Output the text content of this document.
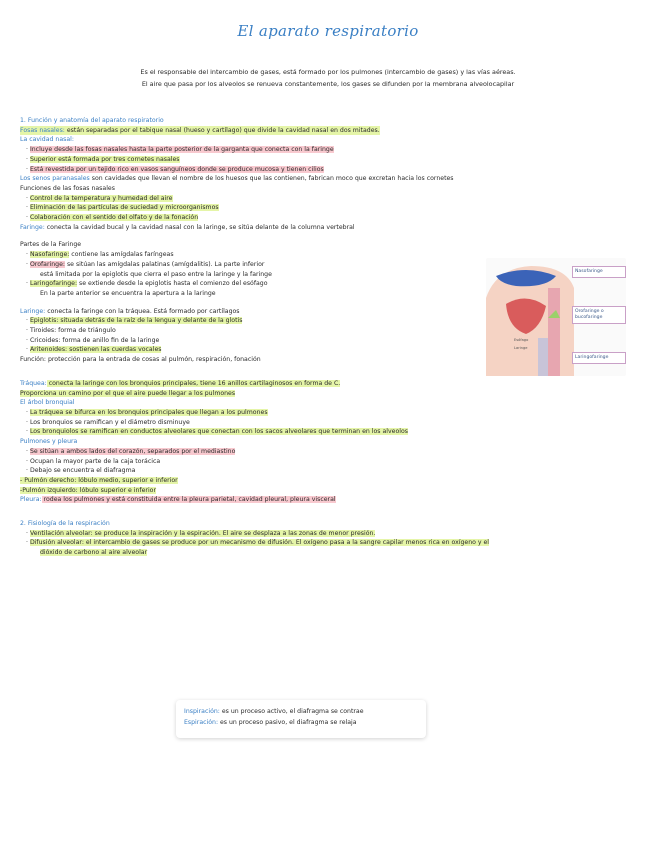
El aparato respiratorio
Es el responsable del intercambio de gases, está formado por los pulmones (intercambio de gases) y las vías aéreas.
El aire que pasa por los alveolos se renueva constantemente, los gases se difunden por la membrana alveolocapilar
1. Función y anatomía del aparato respiratorio
Fosas nasales: están separadas por el tabique nasal (hueso y cartílago) que divide la cavidad nasal en dos mitades.
La cavidad nasal:
· Incluye desde las fosas nasales hasta la parte posterior de la garganta que conecta con la faringe
· Superior está formada por tres cornetes nasales
· Está revestida por un tejido rico en vasos sanguíneos donde se produce mucosa y tienen cilios
Los senos paranasales son cavidades que llevan el nombre de los huesos que las contienen, fabrican moco que excretan hacia los cornetes
Funciones de las fosas nasales
· Control de la temperatura y humedad del aire
· Eliminación de las partículas de suciedad y microorganismos
· Colaboración con el sentido del olfato y de la fonación
Faringe: conecta la cavidad bucal y la cavidad nasal con la laringe, se sitúa delante de la columna vertebral
Partes de la Faringe
· Nasofaringe: contiene las amígdalas faríngeas
· Orofaringe: se sitúan las amígdalas palatinas (amígdalitis). La parte inferior
está limitada por la epiglotis que cierra el paso entre la laringe y la faringe
· Laringofaringe: se extiende desde la epiglotis hasta el comienzo del esófago
En la parte anterior se encuentra la apertura a la laringe
Laringe: conecta la faringe con la tráquea. Está formado por cartílagos
· Epiglotis: situada detrás de la raíz de la lengua y delante de la glotis
· Tiroides: forma de triángulo
· Cricoides: forma de anillo fin de la laringe
· Aritenoides: sostienen las cuerdas vocales
Función: protección para la entrada de cosas al pulmón, respiración, fonación
Tráquea: conecta la laringe con los bronquios principales, tiene 16 anillos cartilaginosos en forma de C.
Proporciona un camino por el que el aire puede llegar a los pulmones
El árbol bronquial
· La tráquea se bifurca en los bronquios principales que llegan a los pulmones
· Los bronquios se ramifican y el diámetro disminuye
· Los bronquiolos se ramifican en conductos alveolares que conectan con los sacos alveolares que terminan en los alveolos
Pulmones y pleura
· Se sitúan a ambos lados del corazón, separados por el mediastino
· Ocupan la mayor parte de la caja torácica
· Debajo se encuentra el diafragma
- Pulmón derecho: lóbulo medio, superior e inferior
-Pulmón izquierdo: lóbulo superior e inferior
Pleura: rodea los pulmones y está constituida entre la pleura parietal, cavidad pleural, pleura visceral
2. Fisiología de la respiración
· Ventilación alveolar: se produce la inspiración y la espiración. El aire se desplaza a las zonas de menor presión.
· Difusión alveolar: el intercambio de gases se produce por un mecanismo de difusión. El oxígeno pasa a la sangre capilar menos rica en oxígeno y el
dióxido de carbono al aire alveolar
Nasofaringe
Orofaringe o bucofaringe
Laringofaringe
Esófago
Laringe
Inspiración: es un proceso activo, el diafragma se contrae
Espiración: es un proceso pasivo, el diafragma se relaja
